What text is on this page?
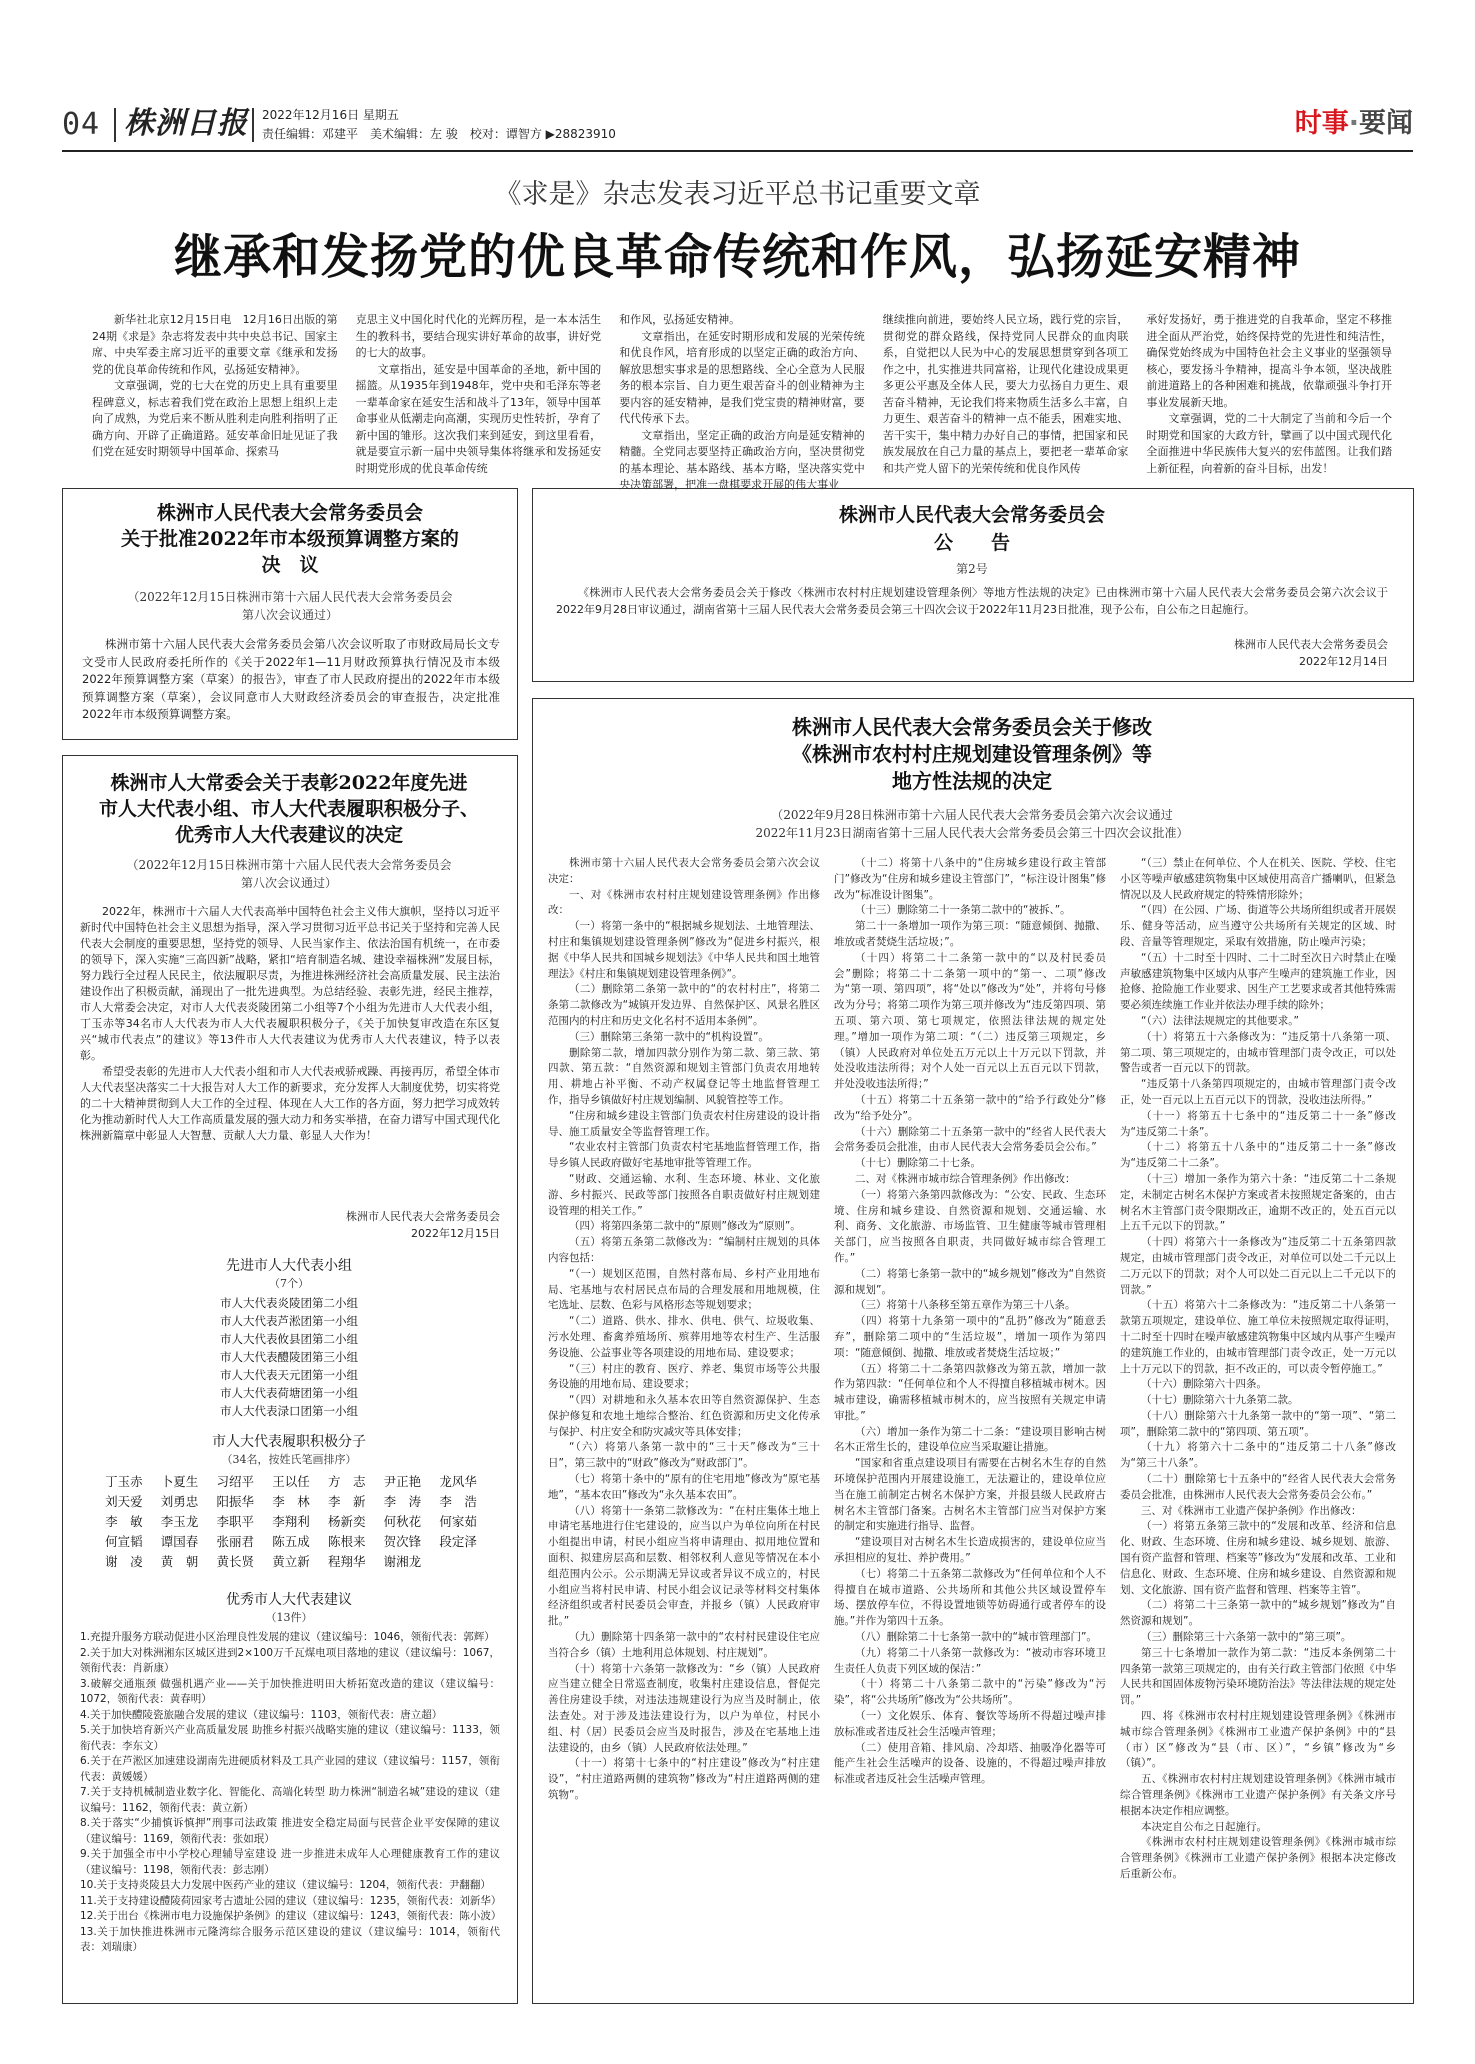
04 株洲日报 2022年12月16日 星期五
责任编辑：邓建平　美术编辑：左 骏　校对：谭智方 ▶28823910	时事·要闻
《求是》杂志发表习近平总书记重要文章
继承和发扬党的优良革命传统和作风，弘扬延安精神

新华社北京12月15日电　12月16日出版的第24期《求是》杂志将发表中共中央总书记、国家主席、中央军委主席习近平的重要文章《继承和发扬党的优良革命传统和作风，弘扬延安精神》。

文章强调，党的七大在党的历史上具有重要里程碑意义，标志着我们党在政治上思想上组织上走向了成熟，为党后来不断从胜利走向胜利指明了正确方向、开辟了正确道路。延安革命旧址见证了我们党在延安时期领导中国革命、探索马

克思主义中国化时代化的光辉历程，是一本本活生生的教科书，要结合现实讲好革命的故事，讲好党的七大的故事。

文章指出，延安是中国革命的圣地，新中国的摇篮。从1935年到1948年，党中央和毛泽东等老一辈革命家在延安生活和战斗了13年，领导中国革命事业从低潮走向高潮，实现历史性转折，孕育了新中国的雏形。这次我们来到延安，到这里看看，就是要宣示新一届中央领导集体将继承和发扬延安时期党形成的优良革命传统

和作风，弘扬延安精神。

文章指出，在延安时期形成和发展的光荣传统和优良作风，培育形成的以坚定正确的政治方向、解放思想实事求是的思想路线、全心全意为人民服务的根本宗旨、自力更生艰苦奋斗的创业精神为主要内容的延安精神，是我们党宝贵的精神财富，要代代传承下去。

文章指出，坚定正确的政治方向是延安精神的精髓。全党同志要坚持正确政治方向，坚决贯彻党的基本理论、基本路线、基本方略，坚决落实党中央决策部署，把准一盘棋要求开展的伟大事业

继续推向前进，要始终人民立场，践行党的宗旨，贯彻党的群众路线，保持党同人民群众的血肉联系，自觉把以人民为中心的发展思想贯穿到各项工作之中，扎实推进共同富裕，让现代化建设成果更多更公平惠及全体人民，要大力弘扬自力更生、艰苦奋斗精神，无论我们将来物质生活多么丰富，自力更生、艰苦奋斗的精神一点不能丢，困难实地、苦干实干，集中精力办好自己的事情，把国家和民族发展放在自己力量的基点上，要把老一辈革命家和共产党人留下的光荣传统和优良作风传

承好发扬好，勇于推进党的自我革命，坚定不移推进全面从严治党，始终保持党的先进性和纯洁性，确保党始终成为中国特色社会主义事业的坚强领导核心，要发扬斗争精神，提高斗争本领，坚决战胜前进道路上的各种困难和挑战，依靠顽强斗争打开事业发展新天地。

文章强调，党的二十大制定了当前和今后一个时期党和国家的大政方针，擘画了以中国式现代化全面推进中华民族伟大复兴的宏伟蓝图。让我们踏上新征程，向着新的奋斗目标，出发！

株洲市人民代表大会常务委员会
关于批准2022年市本级预算调整方案的
决　议
（2022年12月15日株洲市第十六届人民代表大会常务委员会
第八次会议通过）

株洲市第十六届人民代表大会常务委员会第八次会议听取了市财政局局长文专文受市人民政府委托所作的《关于2022年1—11月财政预算执行情况及市本级2022年预算调整方案（草案）的报告》，审查了市人民政府提出的2022年市本级预算调整方案（草案），会议同意市人大财政经济委员会的审查报告，决定批准2022年市本级预算调整方案。

株洲市人民代表大会常务委员会
公　　告
第2号

《株洲市人民代表大会常务委员会关于修改〈株洲市农村村庄规划建设管理条例〉等地方性法规的决定》已由株洲市第十六届人民代表大会常务委员会第六次会议于2022年9月28日审议通过，湖南省第十三届人民代表大会常务委员会第三十四次会议于2022年11月23日批准，现予公布，自公布之日起施行。

株洲市人民代表大会常务委员会
2022年12月14日
株洲市人大常委会关于表彰2022年度先进
市人大代表小组、市人大代表履职积极分子、
优秀市人大代表建议的决定
（2022年12月15日株洲市第十六届人民代表大会常务委员会
第八次会议通过）

2022年，株洲市十六届人大代表高举中国特色社会主义伟大旗帜，坚持以习近平新时代中国特色社会主义思想为指导，深入学习贯彻习近平总书记关于坚持和完善人民代表大会制度的重要思想，坚持党的领导、人民当家作主、依法治国有机统一，在市委的领导下，深入实施“三高四新”战略，紧扣“培育制造名城、建设幸福株洲”发展目标，努力践行全过程人民民主，依法履职尽责，为推进株洲经济社会高质量发展、民主法治建设作出了积极贡献，涌现出了一批先进典型。为总结经验、表彰先进，经民主推荐，市人大常委会决定，对市人大代表炎陵团第二小组等7个小组为先进市人大代表小组，丁玉赤等34名市人大代表为市人大代表履职积极分子，《关于加快复审改造在东区复兴“城市代表点”的建议》等13件市人大代表建议为优秀市人大代表建议，特予以表彰。

希望受表彰的先进市人大代表小组和市人大代表戒骄戒躁、再接再厉，希望全体市人大代表坚决落实二十大报告对人大工作的新要求，充分发挥人大制度优势，切实将党的二十大精神贯彻到人大工作的全过程、体现在人大工作的各方面，努力把学习成效转化为推动新时代人大工作高质量发展的强大动力和务实举措，在奋力谱写中国式现代化株洲新篇章中彰显人大智慧、贡献人大力量、彰显人大作为！

株洲市人民代表大会常务委员会
2022年12月15日
先进市人大代表小组
（7个）
市人大代表炎陵团第二小组
市人大代表芦淞团第一小组
市人大代表攸县团第二小组
市人大代表醴陵团第三小组
市人大代表天元团第一小组
市人大代表荷塘团第一小组
市人大代表渌口团第一小组
市人大代表履职积极分子
（34名，按姓氏笔画排序）
丁玉赤	卜夏生	习绍平	王以任	方　志	尹正艳	龙风华
刘天爱	刘勇忠	阳振华	李　林	李　新	李　涛	李　浩
李　敏	李玉龙	李职平	李翔利	杨新奕	何秋花	何家茹
何宣韬	谭国春	张丽君	陈五成	陈根来	贺次锋	段定泽
谢　凌	黄　朝	黄长贤	黄立新	程翔华	谢湘龙
优秀市人大代表建议
（13件）

1.充提升服务方联动促进小区治理良性发展的建议（建议编号：1046，领衔代表：郭辉）

2.关于加大对株洲湘东区城区进到2×100万千瓦煤电项目落地的建议（建议编号：1067，领衔代表：肖新康）

3.破解交通瓶颈 做强机遇产业——关于加快推进明田大桥拓宽改造的建议（建议编号：1072，领衔代表：黄春明）

4.关于加快醴陵瓷旅融合发展的建议（建议编号：1103，领衔代表：唐立超）

5.关于加快培育新兴产业高质量发展 助推乡村振兴战略实施的建议（建议编号：1133，领衔代表：李东文）

6.关于在芦淞区加速建设湖南先进硬质材料及工具产业园的建议（建议编号：1157，领衔代表：黄媛媛）

7.关于支持机械制造业数字化、智能化、高端化转型 助力株洲“制造名城”建设的建议（建议编号：1162，领衔代表：黄立新）

8.关于落实“少捕慎诉慎押”刑事司法政策 推进安全稳定局面与民营企业平安保障的建议（建议编号：1169，领衔代表：张如珉）

9.关于加强全市中小学校心理辅导室建设 进一步推进未成年人心理健康教育工作的建议（建议编号：1198，领衔代表：彭志刚）

10.关于支持炎陵县大力发展中医药产业的建议（建议编号：1204，领衔代表：尹翻翻）

11.关于支持建设醴陵荷园家考古遗址公园的建议（建议编号：1235，领衔代表：刘新华）

12.关于出台《株洲市电力设施保护条例》的建议（建议编号：1243，领衔代表：陈小波）

13.关于加快推进株洲市元隆湾综合服务示范区建设的建议（建议编号：1014，领衔代表：刘瑞康）

株洲市人民代表大会常务委员会关于修改
《株洲市农村村庄规划建设管理条例》等
地方性法规的决定
（2022年9月28日株洲市第十六届人民代表大会常务委员会第六次会议通过
2022年11月23日湖南省第十三届人民代表大会常务委员会第三十四次会议批准）

株洲市第十六届人民代表大会常务委员会第六次会议决定：

一、对《株洲市农村村庄规划建设管理条例》作出修改：

（一）将第一条中的“根据城乡规划法、土地管理法、村庄和集镇规划建设管理条例”修改为“促进乡村振兴，根据《中华人民共和国城乡规划法》《中华人民共和国土地管理法》《村庄和集镇规划建设管理条例》”。

（二）删除第二条第一款中的“的农村村庄”，将第二条第二款修改为“城镇开发边界、自然保护区、风景名胜区范围内的村庄和历史文化名村不适用本条例”。

（三）删除第三条第一款中的“机构设置”。

删除第二款，增加四款分别作为第二款、第三款、第四款、第五款：“自然资源和规划主管部门负责农用地转用、耕地占补平衡、不动产权属登记等土地监督管理工作，指导乡镇做好村庄规划编制、风貌管控等工作。

“住房和城乡建设主管部门负责农村住房建设的设计指导、施工质量安全等监督管理工作。

“农业农村主管部门负责农村宅基地监督管理工作，指导乡镇人民政府做好宅基地审批等管理工作。

“财政、交通运输、水利、生态环境、林业、文化旅游、乡村振兴、民政等部门按照各自职责做好村庄规划建设管理的相关工作。”

（四）将第四条第二款中的“原则”修改为“原则”。

（五）将第五条第二款修改为：“编制村庄规划的具体内容包括：

“（一）规划区范围，自然村落布局、乡村产业用地布局、宅基地与农村居民点布局的合理发展和用地规模，住宅选址、层数、色彩与风格形态等规划要求；

“（二）道路、供水、排水、供电、供气、垃圾收集、污水处理、畜禽养殖场所、殡葬用地等农村生产、生活服务设施、公益事业等各项建设的用地布局、建设要求；

“（三）村庄的教育、医疗、养老、集贸市场等公共服务设施的用地布局、建设要求；

“（四）对耕地和永久基本农田等自然资源保护、生态保护修复和农地土地综合整治、红色资源和历史文化传承与保护、村庄安全和防灾减灾等具体安排；

“（六）将第八条第一款中的“三十天”修改为“三十日”，第三款中的“财政”修改为“财政部门”。

（七）将第十条中的“原有的住宅用地”修改为“原宅基地”，“基本农田”修改为“永久基本农田”。

（八）将第十一条第二款修改为：“在村庄集体土地上申请宅基地进行住宅建设的，应当以户为单位向所在村民小组提出申请，村民小组应当将申请理由、拟用地位置和面积、拟建房层高和层数、相邻权利人意见等情况在本小组范围内公示。公示期满无异议或者异议不成立的，村民小组应当将村民申请、村民小组会议记录等材料交村集体经济组织或者村民委员会审查，并报乡（镇）人民政府审批。”

（九）删除第十四条第一款中的“农村村民建设住宅应当符合乡（镇）土地利用总体规划、村庄规划”。

（十）将第十六条第一款修改为：“乡（镇）人民政府应当建立健全日常巡查制度，收集村庄建设信息，督促完善住房建设手续，对违法违规建设行为应当及时制止，依法查处。对于涉及违法建设行为，以户为单位，村民小组、村（居）民委员会应当及时报告，涉及在宅基地上违法建设的，由乡（镇）人民政府依法处理。”

（十一）将第十七条中的“村庄建设”修改为“村庄建设”，“村庄道路两侧的建筑物”修改为“村庄道路两侧的建筑物”。

（十二）将第十八条中的“住房城乡建设行政主管部门”修改为“住房和城乡建设主管部门”，“标注设计图集”修改为“标准设计图集”。

（十三）删除第二十一条第二款中的“被拆、”。

第二十一条增加一项作为第三项：“随意倾倒、抛撒、堆放或者焚烧生活垃圾；”。

（十四）将第二十二条第一款中的“以及村民委员会”删除；将第二十二条第一项中的“第一、二项”修改为“第一项、第四项”，将“处以”修改为“处”，并将句号修改为分号；将第二项作为第三项并修改为“违反第四项、第五项、第六项、第七项规定，依照法律法规的规定处理。”增加一项作为第二项：“（二）违反第三项规定，乡（镇）人民政府对单位处五万元以上十万元以下罚款，并处没收违法所得；对个人处一百元以上五百元以下罚款，并处没收违法所得；”

（十五）将第二十五条第一款中的“给予行政处分”修改为“给予处分”。

（十六）删除第二十五条第一款中的“经省人民代表大会常务委员会批准，由市人民代表大会常务委员会公布。”

（十七）删除第二十七条。

二、对《株洲市城市综合管理条例》作出修改：

（一）将第六条第四款修改为：“公安、民政、生态环境、住房和城乡建设、自然资源和规划、交通运输、水利、商务、文化旅游、市场监管、卫生健康等城市管理相关部门，应当按照各自职责，共同做好城市综合管理工作。”

（二）将第七条第一款中的“城乡规划”修改为“自然资源和规划”。

（三）将第十八条移至第五章作为第三十八条。

（四）将第十九条第一项中的“乱扔”修改为“随意丢弃”，删除第二项中的“生活垃圾”，增加一项作为第四项：“随意倾倒、抛撒、堆放或者焚烧生活垃圾；”

（五）将第二十二条第四款修改为第五款，增加一款作为第四款：“任何单位和个人不得擅自移植城市树木。因城市建设，确需移植城市树木的，应当按照有关规定申请审批。”

（六）增加一条作为第二十二条：“建设项目影响古树名木正常生长的，建设单位应当采取避让措施。

“国家和省重点建设项目有需要在古树名木生存的自然环境保护范围内开展建设施工，无法避让的，建设单位应当在施工前制定古树名木保护方案，并报县级人民政府古树名木主管部门备案。古树名木主管部门应当对保护方案的制定和实施进行指导、监督。

“建设项目对古树名木生长造成损害的，建设单位应当承担相应的复壮、养护费用。”

（七）将第二十五条第二款修改为“任何单位和个人不得擅自在城市道路、公共场所和其他公共区域设置停车场、摆放停车位，不得设置地锁等妨碍通行或者停车的设施。”并作为第四十五条。

（八）删除第二十七条第一款中的“城市管理部门”。

（九）将第二十八条第一款修改为：“被动市容环境卫生责任人负责下列区域的保洁：”

（十）将第二十八条第二款中的“污染”修改为“污染”，将“公共场所”修改为“公共场所”。

（一）文化娱乐、体育、餐饮等场所不得超过噪声排放标准或者违反社会生活噪声管理；

（二）使用音箱、排风扇、冷却塔、抽吸净化器等可能产生社会生活噪声的设备、设施的，不得超过噪声排放标准或者违反社会生活噪声管理。

“（三）禁止在何单位、个人在机关、医院、学校、住宅小区等噪声敏感建筑物集中区域使用高音广播喇叭，但紧急情况以及人民政府规定的特殊情形除外；

“（四）在公园、广场、街道等公共场所组织或者开展娱乐、健身等活动，应当遵守公共场所有关规定的区域、时段、音量等管理规定，采取有效措施，防止噪声污染；

“（五）十二时至十四时、二十二时至次日六时禁止在噪声敏感建筑物集中区域内从事产生噪声的建筑施工作业，因抢修、抢险施工作业要求、因生产工艺要求或者其他特殊需要必须连续施工作业并依法办理手续的除外；

“（六）法律法规规定的其他要求。”

（十）将第五十六条修改为：“违反第十八条第一项、第二项、第三项规定的，由城市管理部门责令改正，可以处警告或者一百元以下的罚款。

“违反第十八条第四项规定的，由城市管理部门责令改正，处一百元以上五百元以下的罚款，没收违法所得。”

（十一）将第五十七条中的“违反第二十一条”修改为“违反第二十条”。

（十二）将第五十八条中的“违反第二十一条”修改为“违反第二十二条”。

（十三）增加一条作为第六十条：“违反第二十二条规定，未制定古树名木保护方案或者未按照规定备案的，由古树名木主管部门责令限期改正，逾期不改正的，处五百元以上五千元以下的罚款。”

（十四）将第六十一条修改为“违反第二十五条第四款规定，由城市管理部门责令改正，对单位可以处二千元以上二万元以下的罚款；对个人可以处二百元以上二千元以下的罚款。”

（十五）将第六十二条修改为：“违反第二十八条第一款第五项规定，建设单位、施工单位未按照规定取得证明，十二时至十四时在噪声敏感建筑物集中区域内从事产生噪声的建筑施工作业的，由城市管理部门责令改正，处一万元以上十万元以下的罚款，拒不改正的，可以责令暂停施工。”

（十六）删除第六十四条。

（十七）删除第六十九条第二款。

（十八）删除第六十九条第一款中的“第一项”、“第二项”，删除第二款中的“第四项、第五项”。

（十九）将第六十二条中的“违反第二十八条”修改为“第三十八条”。

（二十）删除第七十五条中的“经省人民代表大会常务委员会批准，由株洲市人民代表大会常务委员会公布。”

三、对《株洲市工业遗产保护条例》作出修改：

（一）将第五条第三款中的“发展和改革、经济和信息化、财政、生态环境、住房和城乡建设、城乡规划、旅游、国有资产监督和管理、档案等”修改为“发展和改革、工业和信息化、财政、生态环境、住房和城乡建设、自然资源和规划、文化旅游、国有资产监督和管理、档案等主管”。

（二）将第二十三条第一款中的“城乡规划”修改为“自然资源和规划”。

（三）删除第三十六条第一款中的“第三项”。

第三十七条增加一款作为第二款：“违反本条例第二十四条第一款第三项规定的，由有关行政主管部门依照《中华人民共和国固体废物污染环境防治法》等法律法规的规定处罚。”

四、将《株洲市农村村庄规划建设管理条例》《株洲市城市综合管理条例》《株洲市工业遗产保护条例》中的“县（市）区”修改为“县（市、区）”，“乡镇”修改为“乡（镇）”。

五、《株洲市农村村庄规划建设管理条例》《株洲市城市综合管理条例》《株洲市工业遗产保护条例》有关条文序号根据本决定作相应调整。

本决定自公布之日起施行。

《株洲市农村村庄规划建设管理条例》《株洲市城市综合管理条例》《株洲市工业遗产保护条例》根据本决定修改后重新公布。
